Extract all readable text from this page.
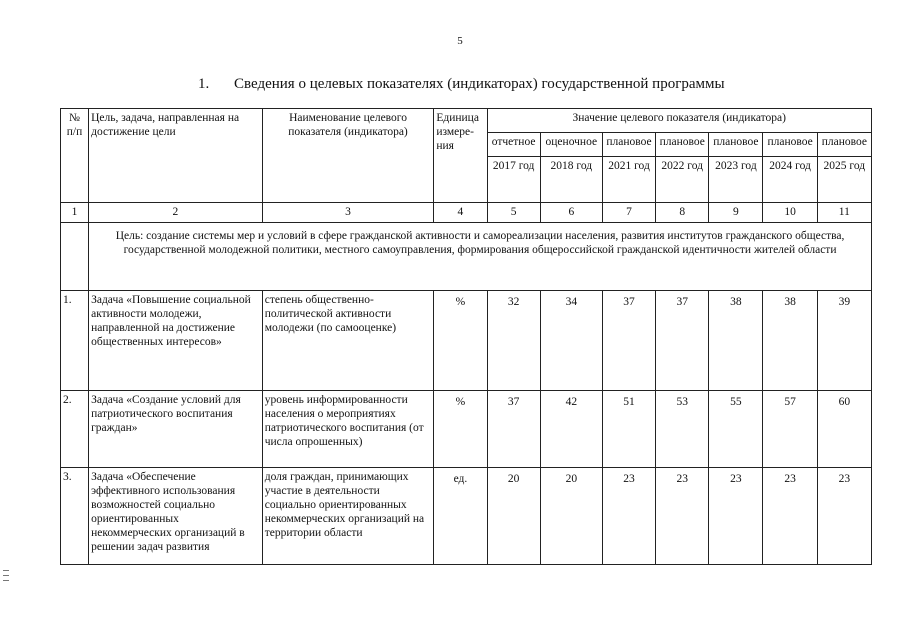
5
1. Сведения о целевых показателях (индикаторах) государственной программы
№ п/п	Цель, задача, направленная на достижение цели	Наименование целевого показателя (индикатора)	Единица измере-ния	Значение целевого показателя (индикатора)						
				отчетное	оценочное	плановое	плановое	плановое	плановое	плановое
				2017 год	2018 год	2021 год	2022 год	2023 год	2024 год	2025 год
1	2	3	4	5	6	7	8	9	10	11
	Цель: создание системы мер и условий в сфере гражданской активности и самореализации населения, развития институтов гражданского общества, государственной молодежной политики, местного самоуправления, формирования общероссийской гражданской идентичности жителей области									
1.	Задача «Повышение социальной активности молодежи, направленной на достижение общественных интересов»	степень общественно-политической активности молодежи (по самооценке)	%	32	34	37	37	38	38	39
2.	Задача «Создание условий для патриотического воспитания граждан»	уровень информированности населения о мероприятиях патриотического воспитания (от числа опрошенных)	%	37	42	51	53	55	57	60
3.	Задача «Обеспечение эффективного использования возможностей социально ориентированных некоммерческих организаций в решении задач развития	доля граждан, принимающих участие в деятельности социально ориентированных некоммерческих организаций на территории области	ед.	20	20	23	23	23	23	23
